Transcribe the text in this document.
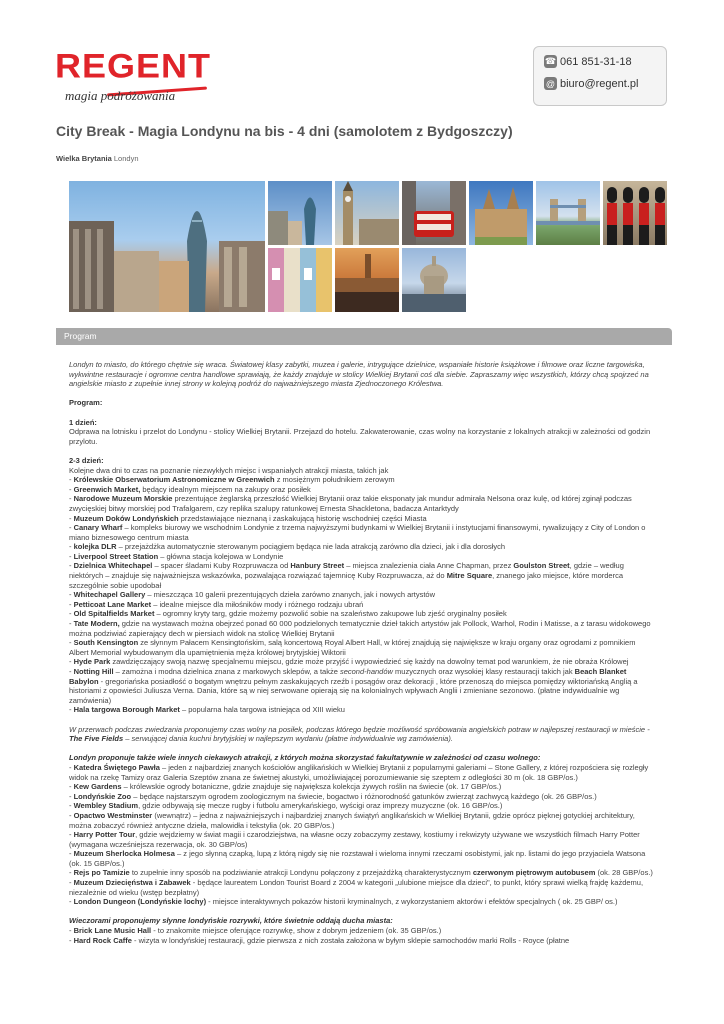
REGENT
magia podróżowania
☎ 061 851-31-18
@ biuro@regent.pl
City Break - Magia Londynu na bis - 4 dni (samolotem z Bydgoszczy)
Wielka Brytania Londyn
Program

Londyn to miasto, do którego chętnie się wraca. Światowej klasy zabytki, muzea i galerie, intrygujące dzielnice, wspaniałe historie książkowe i filmowe oraz liczne targowiska, wykwintne restauracje i ogromne centra handlowe sprawiają, że każdy znajduje w stolicy Wielkiej Brytanii coś dla siebie. Zapraszamy więc wszystkich, którzy chcą spojrzeć na angielskie miasto z zupełnie innej strony w kolejną podróż do najważniejszego miasta Zjednoczonego Królestwa.

Program:

1 dzień:

Odprawa na lotnisku i przelot do Londynu - stolicy Wielkiej Brytanii. Przejazd do hotelu. Zakwaterowanie, czas wolny na korzystanie z lokalnych atrakcji w zależności od godzin przylotu.

2-3 dzień:

Kolejne dwa dni to czas na poznanie niezwykłych miejsc i wspaniałych atrakcji miasta, takich jak

- Królewskie Obserwatorium Astronomiczne w Greenwich z mosiężnym południkiem zerowym

- Greenwich Market, będący idealnym miejscem na zakupy oraz posiłek

- Narodowe Muzeum Morskie prezentujące żeglarską przeszłość Wielkiej Brytanii oraz takie eksponaty jak mundur admirała Nelsona oraz kulę, od której zginął podczas zwycięskiej bitwy morskiej pod Trafalgarem, czy replika szalupy ratunkowej Ernesta Shackletona, badacza Antarktydy

- Muzeum Doków Londyńskich przedstawiające nieznaną i zaskakującą historię wschodniej części Miasta

- Canary Wharf – kompleks biurowy we wschodnim Londynie z trzema najwyższymi budynkami w Wielkiej Brytanii i instytucjami finansowymi, rywalizujący z City of London o miano biznesowego centrum miasta

- kolejka DLR – przejażdżka automatycznie sterowanym pociągiem będąca nie lada atrakcją zarówno dla dzieci, jak i dla dorosłych

- Liverpool Street Station – główna stacja kolejowa w Londynie

- Dzielnica Whitechapel – spacer śladami Kuby Rozpruwacza od Hanbury Street – miejsca znalezienia ciała Anne Chapman, przez Goulston Street, gdzie – według niektórych – znajduje się najważniejsza wskazówka, pozwalająca rozwiązać tajemnicę Kuby Rozpruwacza, aż do Mitre Square, znanego jako miejsce, które morderca szczególnie sobie upodobał

- Whitechapel Gallery – mieszcząca 10 galerii prezentujących dzieła zarówno znanych, jak i nowych artystów

- Petticoat Lane Market – idealne miejsce dla miłośników mody i różnego rodzaju ubrań

- Old Spitalfields Market – ogromny kryty targ, gdzie możemy pozwolić sobie na szaleństwo zakupowe lub zjeść oryginalny posiłek

- Tate Modern, gdzie na wystawach można obejrzeć ponad 60 000 podzielonych tematycznie dzieł takich artystów jak Pollock, Warhol, Rodin i Matisse, a z tarasu widokowego można podziwiać zapierający dech w piersiach widok na stolicę Wielkiej Brytanii

- South Kensington ze słynnym Pałacem Kensingtońskim, salą koncertową Royal Albert Hall, w której znajdują się największe w kraju organy oraz ogrodami z pomnikiem Albert Memorial wybudowanym dla upamiętnienia męża królowej brytyjskiej Wiktorii

- Hyde Park zawdzięczający swoją nazwę specjalnemu miejscu, gdzie może przyjść i wypowiedzieć się każdy na dowolny temat pod warunkiem, że nie obraża Królowej

- Notting Hill – zamożna i modna dzielnica znana z markowych sklepów, a także second-handów muzycznych oraz wysokiej klasy restauracji takich jak Beach Blanket Babylon - gregoriańska posiadłość o bogatym wnętrzu pełnym zaskakujących rzeźb i posągów oraz dekoracji , które przenoszą do miejsca pomiędzy wiktoriańską Anglią a historiami z opowieści Juliusza Verna. Dania, które są w niej serwowane opierają się na kolonialnych wpływach Anglii i zmieniane sezonowo. (płatne indywidualnie wg zamówienia)

- Hala targowa Borough Market – popularna hala targowa istniejąca od XIII wieku

W przerwach podczas zwiedzania proponujemy czas wolny na posiłek, podczas którego będzie możliwość spróbowania angielskich potraw w najlepszej restauracji w mieście - The Five Fields – serwującej dania kuchni brytyjskiej w najlepszym wydaniu (płatne indywidualnie wg zamówienia).

Londyn proponuje także wiele innych ciekawych atrakcji, z których można skorzystać fakultatywnie w zależności od czasu wolnego:

- Katedra Świętego Pawła – jeden z najbardziej znanych kościołów anglikańskich w Wielkiej Brytanii z popularnymi galeriami – Stone Gallery, z której rozpościera się rozległy widok na rzekę Tamizy oraz Galeria Szeptów znana ze świetnej akustyki, umożliwiającej porozumiewanie się szeptem z odległości 30 m (ok. 18 GBP/os.)

- Kew Gardens – królewskie ogrody botaniczne, gdzie znajduje się największa kolekcja żywych roślin na świecie (ok. 17 GBP/os.)

- Londyńskie Zoo – będące najstarszym ogrodem zoologicznym na świecie, bogactwo i różnorodność gatunków zwierząt zachwycą każdego (ok. 26 GBP/os.)

- Wembley Stadium, gdzie odbywają się mecze rugby i futbolu amerykańskiego, wyścigi oraz imprezy muzyczne (ok. 16 GBP/os.)

- Opactwo Westminster (wewnątrz) – jedna z najważniejszych i najbardziej znanych świątyń anglikańskich w Wielkiej Brytanii, gdzie oprócz pięknej gotyckiej architektury, można zobaczyć również antyczne dzieła, malowidła i tekstylia (ok. 20 GBP/os.)

- Harry Potter Tour, gdzie wejdziemy w świat magii i czarodziejstwa, na własne oczy zobaczymy zestawy, kostiumy i rekwizyty używane we wszystkich filmach Harry Potter (wymagana wcześniejsza rezerwacja, ok. 30 GBP/os)

- Muzeum Sherlocka Holmesa – z jego słynną czapką, lupą z którą nigdy się nie rozstawał i wieloma innymi rzeczami osobistymi, jak np. listami do jego przyjaciela Watsona (ok. 15 GBP/os.)

- Rejs po Tamizie to zupełnie inny sposób na podziwianie atrakcji Londynu połączony z przejażdżką charakterystycznym czerwonym piętrowym autobusem (ok. 28 GBP/os.)

- Muzeum Dziecięństwa i Zabawek - będące laureatem London Tourist Board z 2004 w kategorii „ulubione miejsce dla dzieci", to punkt, który sprawi wielką frajdę każdemu, niezależnie od wieku (wstęp bezpłatny)

- London Dungeon (Londyńskie lochy) - miejsce interaktywnych pokazów historii kryminalnych, z wykorzystaniem aktorów i efektów specjalnych ( ok. 25 GBP/ os.)

Wieczorami proponujemy słynne londyńskie rozrywki, które świetnie oddają ducha miasta:

- Brick Lane Music Hall - to znakomite miejsce oferujące rozrywkę, show z dobrym jedzeniem (ok. 35 GBP/os.)

- Hard Rock Caffe - wizyta w londyńskiej restauracji, gdzie pierwsza z nich została założona w byłym sklepie samochodów marki Rolls - Royce (płatne
